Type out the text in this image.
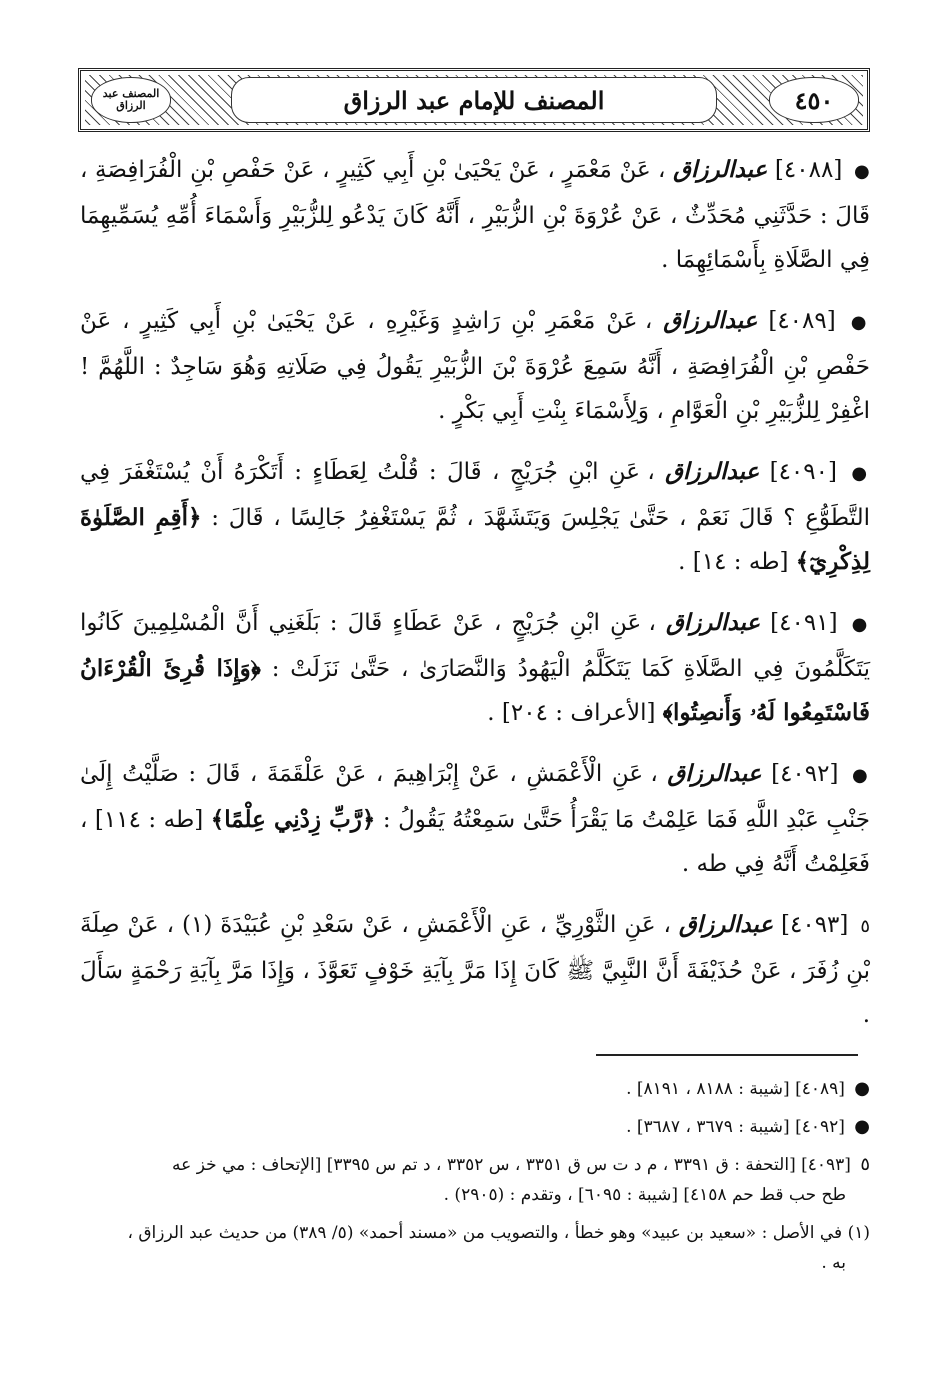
المصنف عبد الرزاق	المصنف للإمام عبد الرزاق	٤٥٠

● [٤٠٨٨] عبدالرزاق ، عَنْ مَعْمَرٍ ، عَنْ يَحْيَىٰ بْنِ أَبِي كَثِيرٍ ، عَنْ حَفْصِ بْنِ الْفُرَافِصَةِ ، قَالَ : حَدَّثَنِي مُحَدِّثٌ ، عَنْ عُرْوَةَ بْنِ الزُّبَيْرِ ، أَنَّهُ كَانَ يَدْعُو لِلزُّبَيْرِ وَأَسْمَاءَ أُمِّهِ يُسَمِّيهِمَا فِي الصَّلَاةِ بِأَسْمَائِهِمَا .

● [٤٠٨٩] عبدالرزاق ، عَنْ مَعْمَرِ بْنِ رَاشِدٍ وَغَيْرِهِ ، عَنْ يَحْيَىٰ بْنِ أَبِي كَثِيرٍ ، عَنْ حَفْصِ بْنِ الْفُرَافِصَةِ ، أَنَّهُ سَمِعَ عُرْوَةَ بْنَ الزُّبَيْرِ يَقُولُ فِي صَلَاتِهِ وَهُوَ سَاجِدٌ : اللَّهُمَّ ! اغْفِرْ لِلزُّبَيْرِ بْنِ الْعَوَّامِ ، وَلِأَسْمَاءَ بِنْتِ أَبِي بَكْرٍ .

● [٤٠٩٠] عبدالرزاق ، عَنِ ابْنِ جُرَيْجٍ ، قَالَ : قُلْتُ لِعَطَاءٍ : أَتَكْرَهُ أَنْ يُسْتَغْفَرَ فِي التَّطَوُّعِ ؟ قَالَ نَعَمْ ، حَتَّىٰ يَجْلِسَ وَيَتَشَهَّدَ ، ثُمَّ يَسْتَغْفِرُ جَالِسًا ، قَالَ : ﴿أَقِمِ الصَّلَوٰةَ لِذِكْرِيٓ﴾ [طه : ١٤] .

● [٤٠٩١] عبدالرزاق ، عَنِ ابْنِ جُرَيْجٍ ، عَنْ عَطَاءٍ قَالَ : بَلَغَنِي أَنَّ الْمُسْلِمِينَ كَانُوا يَتَكَلَّمُونَ فِي الصَّلَاةِ كَمَا يَتَكَلَّمُ الْيَهُودُ وَالنَّصَارَىٰ ، حَتَّىٰ نَزَلَتْ : ﴿وَإِذَا قُرِئَ الْقُرْءَانُ فَاسْتَمِعُوا لَهُۥ وَأَنصِتُوا﴾ [الأعراف : ٢٠٤] .

● [٤٠٩٢] عبدالرزاق ، عَنِ الْأَعْمَشِ ، عَنْ إِبْرَاهِيمَ ، عَنْ عَلْقَمَةَ ، قَالَ : صَلَّيْتُ إِلَىٰ جَنْبِ عَبْدِ اللَّهِ فَمَا عَلِمْتُ مَا يَقْرَأُ حَتَّىٰ سَمِعْتُهُ يَقُولُ : ﴿رَّبِّ زِدْنِي عِلْمًا﴾ [طه : ١١٤] ، فَعَلِمْتُ أَنَّهُ فِي طه .

٥ [٤٠٩٣] عبدالرزاق ، عَنِ الثَّوْرِيِّ ، عَنِ الْأَعْمَشِ ، عَنْ سَعْدِ بْنِ عُبَيْدَةَ (١) ، عَنْ صِلَةَ بْنِ زُفَرَ ، عَنْ حُذَيْفَةَ أَنَّ النَّبِيَّ ﷺ كَانَ إِذَا مَرَّ بِآيَةِ خَوْفٍ تَعَوَّذَ ، وَإِذَا مَرَّ بِآيَةِ رَحْمَةٍ سَأَلَ .

● [٤٠٨٩] [شيبة : ٨١٨٨ ، ٨١٩١] .

● [٤٠٩٢] [شيبة : ٣٦٧٩ ، ٣٦٨٧] .

٥ [٤٠٩٣] [التحفة : ق ٣٣٩١ ، م د ت س ق ٣٣٥١ ، س ٣٣٥٢ ، د تم س ٣٣٩٥] [الإتحاف : مي خز عه
طح حب قط حم ٤١٥٨] [شيبة : ٦٠٩٥] ، وتقدم : (٢٩٠٥) .

(١) في الأصل : «سعيد بن عبيد» وهو خطأ ، والتصويب من «مسند أحمد» (٥/ ٣٨٩) من حديث عبد الرزاق ،
به .
